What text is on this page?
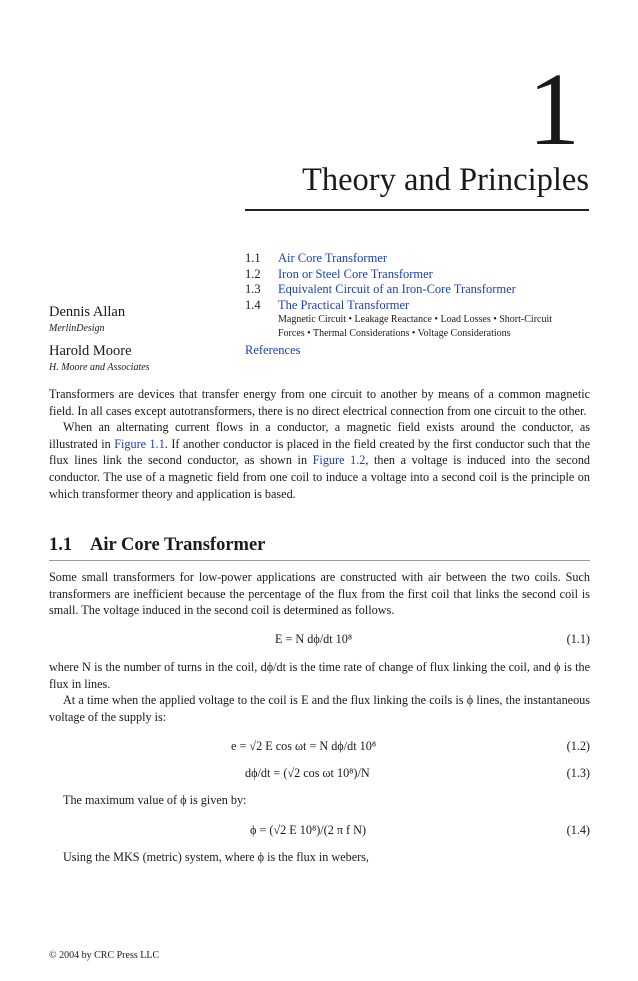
1
Theory and Principles
1.1	Air Core Transformer
1.2	Iron or Steel Core Transformer
1.3	Equivalent Circuit of an Iron-Core Transformer
1.4	The Practical Transformer
Magnetic Circuit • Leakage Reactance • Load Losses • Short-Circuit Forces • Thermal Considerations • Voltage Considerations
References
Dennis Allan
MerlinDesign
Harold Moore
H. Moore and Associates

Transformers are devices that transfer energy from one circuit to another by means of a common magnetic field. In all cases except autotransformers, there is no direct electrical connection from one circuit to the other.

When an alternating current flows in a conductor, a magnetic field exists around the conductor, as illustrated in Figure 1.1. If another conductor is placed in the field created by the first conductor such that the flux lines link the second conductor, as shown in Figure 1.2, then a voltage is induced into the second conductor. The use of a magnetic field from one coil to induce a voltage into a second coil is the principle on which transformer theory and application is based.

1.1 Air Core Transformer
Some small transformers for low-power applications are constructed with air between the two coils. Such transformers are inefficient because the percentage of the flux from the first coil that links the second coil is small. The voltage induced in the second coil is determined as follows.
E = N dϕ/dt 10⁸	(1.1)
where N is the number of turns in the coil, dϕ/dt is the time rate of change of flux linking the coil, and ϕ is the flux in lines.
At a time when the applied voltage to the coil is E and the flux linking the coils is ϕ lines, the instantaneous voltage of the supply is:
e = √2 E cos ωt = N dϕ/dt 10⁸	(1.2)
dϕ/dt = (√2 cos ωt 10⁸)/N	(1.3)
The maximum value of ϕ is given by:
ϕ = (√2 E 10⁸)/(2 π f N)	(1.4)
Using the MKS (metric) system, where ϕ is the flux in webers,
© 2004 by CRC Press LLC
